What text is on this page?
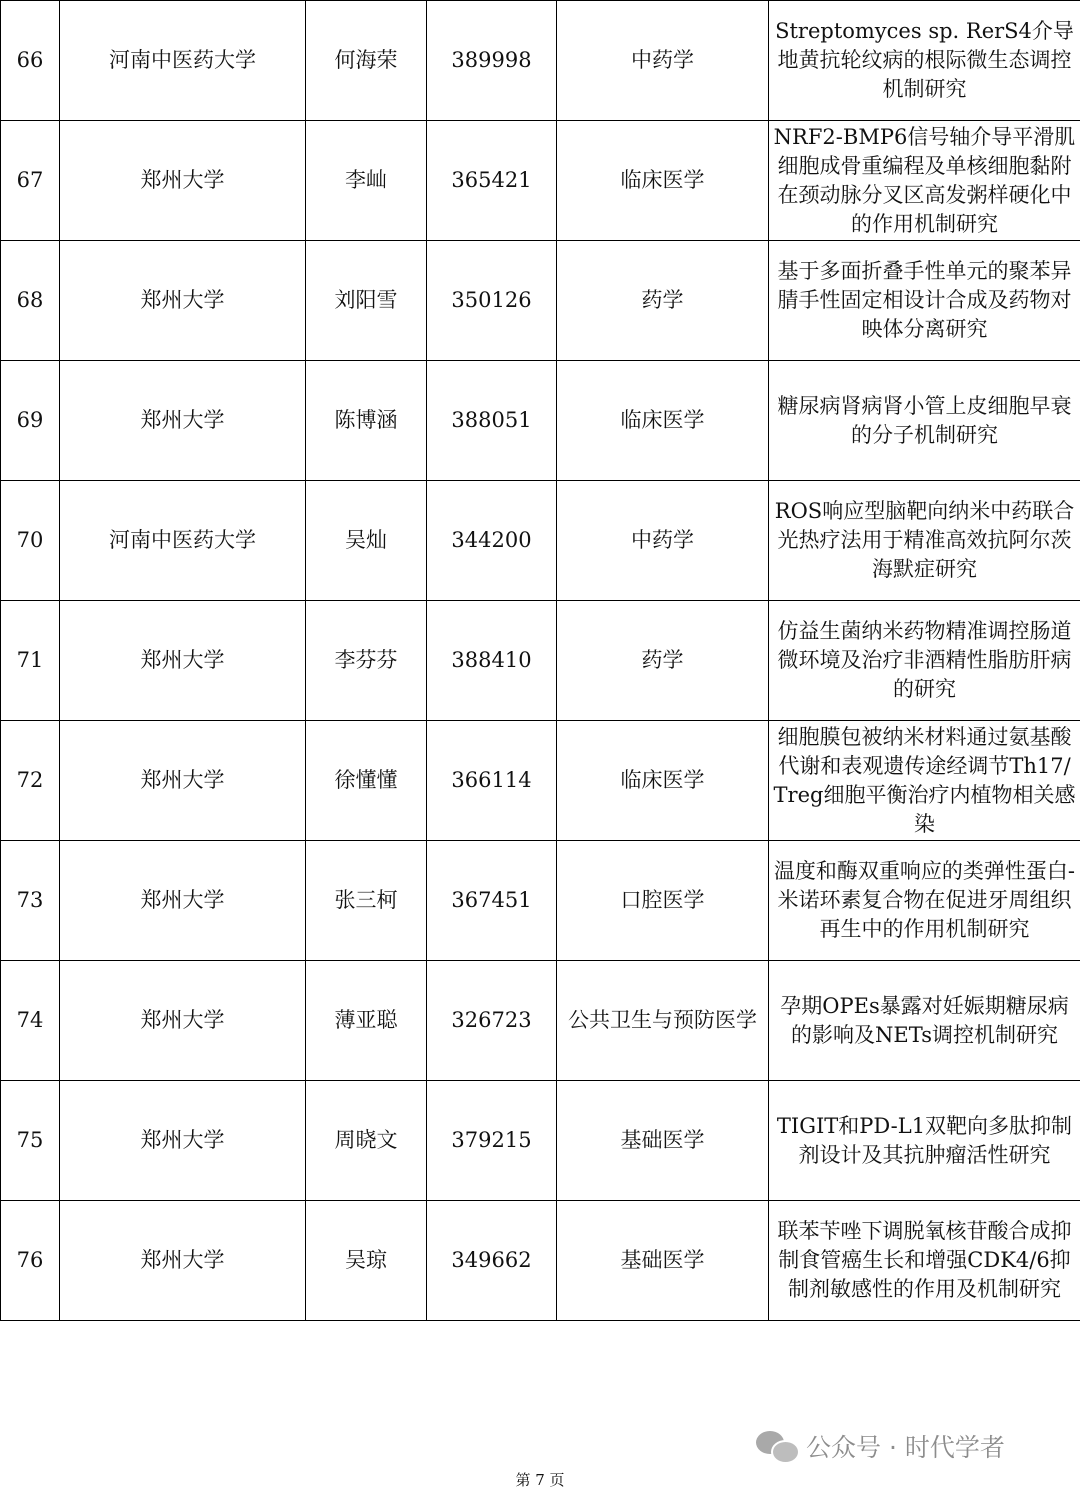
66	河南中医药大学	何海荣	389998	中药学	Streptomyces sp. RerS4介导地黄抗轮纹病的根际微生态调控机制研究
67	郑州大学	李屾	365421	临床医学	NRF2-BMP6信号轴介导平滑肌细胞成骨重编程及单核细胞黏附在颈动脉分叉区高发粥样硬化中的作用机制研究
68	郑州大学	刘阳雪	350126	药学	基于多面折叠手性单元的聚苯异腈手性固定相设计合成及药物对映体分离研究
69	郑州大学	陈博涵	388051	临床医学	糖尿病肾病肾小管上皮细胞早衰的分子机制研究
70	河南中医药大学	吴灿	344200	中药学	ROS响应型脑靶向纳米中药联合光热疗法用于精准高效抗阿尔茨海默症研究
71	郑州大学	李芬芬	388410	药学	仿益生菌纳米药物精准调控肠道微环境及治疗非酒精性脂肪肝病的研究
72	郑州大学	徐懂懂	366114	临床医学	细胞膜包被纳米材料通过氨基酸代谢和表观遗传途经调节Th17/Treg细胞平衡治疗内植物相关感染
73	郑州大学	张三柯	367451	口腔医学	温度和酶双重响应的类弹性蛋白-米诺环素复合物在促进牙周组织再生中的作用机制研究
74	郑州大学	薄亚聪	326723	公共卫生与预防医学	孕期OPEs暴露对妊娠期糖尿病的影响及NETs调控机制研究
75	郑州大学	周晓文	379215	基础医学	TIGIT和PD-L1双靶向多肽抑制剂设计及其抗肿瘤活性研究
76	郑州大学	吴琼	349662	基础医学	联苯苄唑下调脱氧核苷酸合成抑制食管癌生长和增强CDK4/6抑制剂敏感性的作用及机制研究
公众号 · 时代学者
第 7 页
